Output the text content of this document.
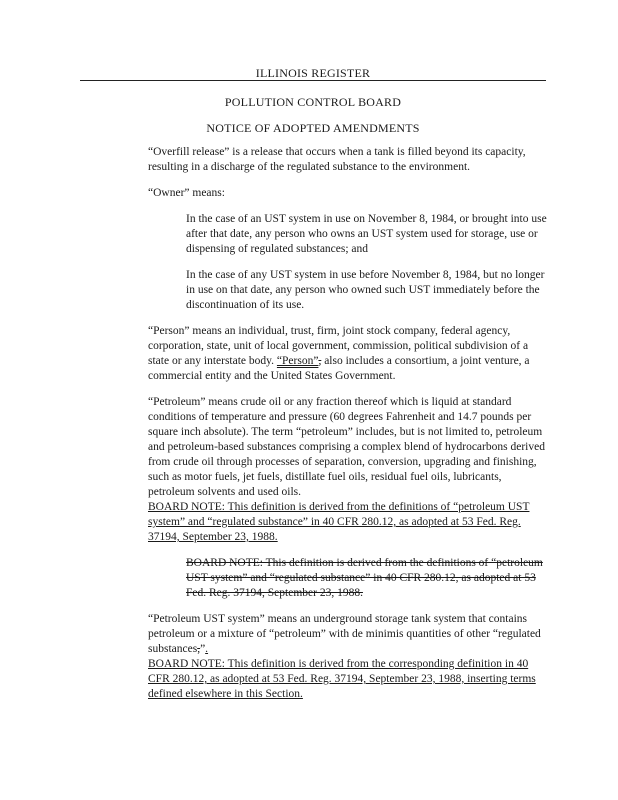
ILLINOIS REGISTER
POLLUTION CONTROL BOARD
NOTICE OF ADOPTED AMENDMENTS

“Overfill release” is a release that occurs when a tank is filled beyond its capacity, resulting in a discharge of the regulated substance to the environment.

“Owner” means:

In the case of an UST system in use on November 8, 1984, or brought into use after that date, any person who owns an UST system used for storage, use or dispensing of regulated substances; and

In the case of any UST system in use before November 8, 1984, but no longer in use on that date, any person who owned such UST immediately before the discontinuation of its use.

“Person” means an individual, trust, firm, joint stock company, federal agency, corporation, state, unit of local government, commission, political subdivision of a state or any interstate body. “Person”, also includes a consortium, a joint venture, a commercial entity and the United States Government.

“Petroleum” means crude oil or any fraction thereof which is liquid at standard conditions of temperature and pressure (60 degrees Fahrenheit and 14.7 pounds per square inch absolute). The term “petroleum” includes, but is not limited to, petroleum and petroleum-based substances comprising a complex blend of hydrocarbons derived from crude oil through processes of separation, conversion, upgrading and finishing, such as motor fuels, jet fuels, distillate fuel oils, residual fuel oils, lubricants, petroleum solvents and used oils.

BOARD NOTE: This definition is derived from the definitions of “petroleum UST system” and “regulated substance” in 40 CFR 280.12, as adopted at 53 Fed. Reg. 37194, September 23, 1988.

BOARD NOTE: This definition is derived from the definitions of “petroleum UST system” and “regulated substance” in 40 CFR 280.12, as adopted at 53 Fed. Reg. 37194, September 23, 1988.

“Petroleum UST system” means an underground storage tank system that contains petroleum or a mixture of “petroleum” with de minimis quantities of other “regulated substances,”.

BOARD NOTE: This definition is derived from the corresponding definition in 40 CFR 280.12, as adopted at 53 Fed. Reg. 37194, September 23, 1988, inserting terms defined elsewhere in this Section.
